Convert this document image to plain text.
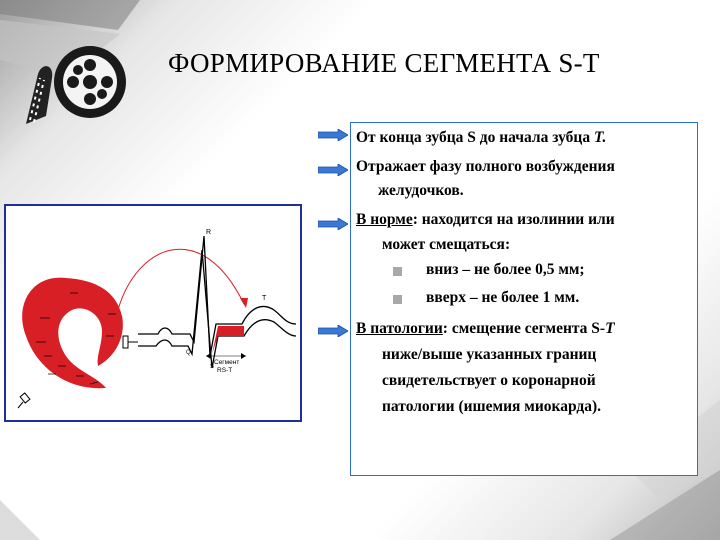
ФОРМИРОВАНИЕ СЕГМЕНТА S-T
R
T
Q
S
Сегмент
RS-T
От конца зубца S до начала зубца Т.
Отражает фазу полного возбуждения
желудочков.
В норме: находится на изолинии или
может смещаться:
вниз – не более 0,5 мм;
вверх – не более 1 мм.
В патологии: смещение сегмента S-Т
ниже/выше указанных границ
свидетельствует о коронарной
патологии (ишемия миокарда).
